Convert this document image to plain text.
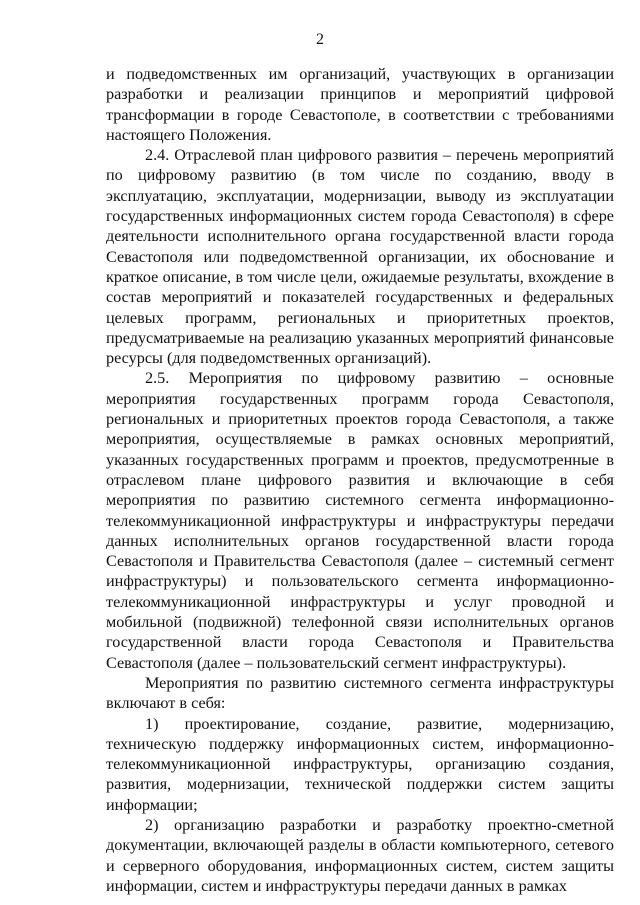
2

и подведомственных им организаций, участвующих в организации разработки и реализации принципов и мероприятий цифровой трансформации в городе Севастополе, в соответствии с требованиями настоящего Положения.

2.4. Отраслевой план цифрового развития – перечень мероприятий по цифровому развитию (в том числе по созданию, вводу в эксплуатацию, эксплуатации, модернизации, выводу из эксплуатации государственных информационных систем города Севастополя) в сфере деятельности исполнительного органа государственной власти города Севастополя или подведомственной организации, их обоснование и краткое описание, в том числе цели, ожидаемые результаты, вхождение в состав мероприятий и показателей государственных и федеральных целевых программ, региональных и приоритетных проектов, предусматриваемые на реализацию указанных мероприятий финансовые ресурсы (для подведомственных организаций).

2.5. Мероприятия по цифровому развитию – основные мероприятия государственных программ города Севастополя, региональных и приоритетных проектов города Севастополя, а также мероприятия, осуществляемые в рамках основных мероприятий, указанных государственных программ и проектов, предусмотренные в отраслевом плане цифрового развития и включающие в себя мероприятия по развитию системного сегмента информационно-телекоммуникационной инфраструктуры и инфраструктуры передачи данных исполнительных органов государственной власти города Севастополя и Правительства Севастополя (далее – системный сегмент инфраструктуры) и пользовательского сегмента информационно-телекоммуникационной инфраструктуры и услуг проводной и мобильной (подвижной) телефонной связи исполнительных органов государственной власти города Севастополя и Правительства Севастополя (далее – пользовательский сегмент инфраструктуры).

Мероприятия по развитию системного сегмента инфраструктуры включают в себя:

1) проектирование, создание, развитие, модернизацию, техническую поддержку информационных систем, информационно-телекоммуникационной инфраструктуры, организацию создания, развития, модернизации, технической поддержки систем защиты информации;

2) организацию разработки и разработку проектно-сметной документации, включающей разделы в области компьютерного, сетевого и серверного оборудования, информационных систем, систем защиты информации, систем и инфраструктуры передачи данных в рамках
